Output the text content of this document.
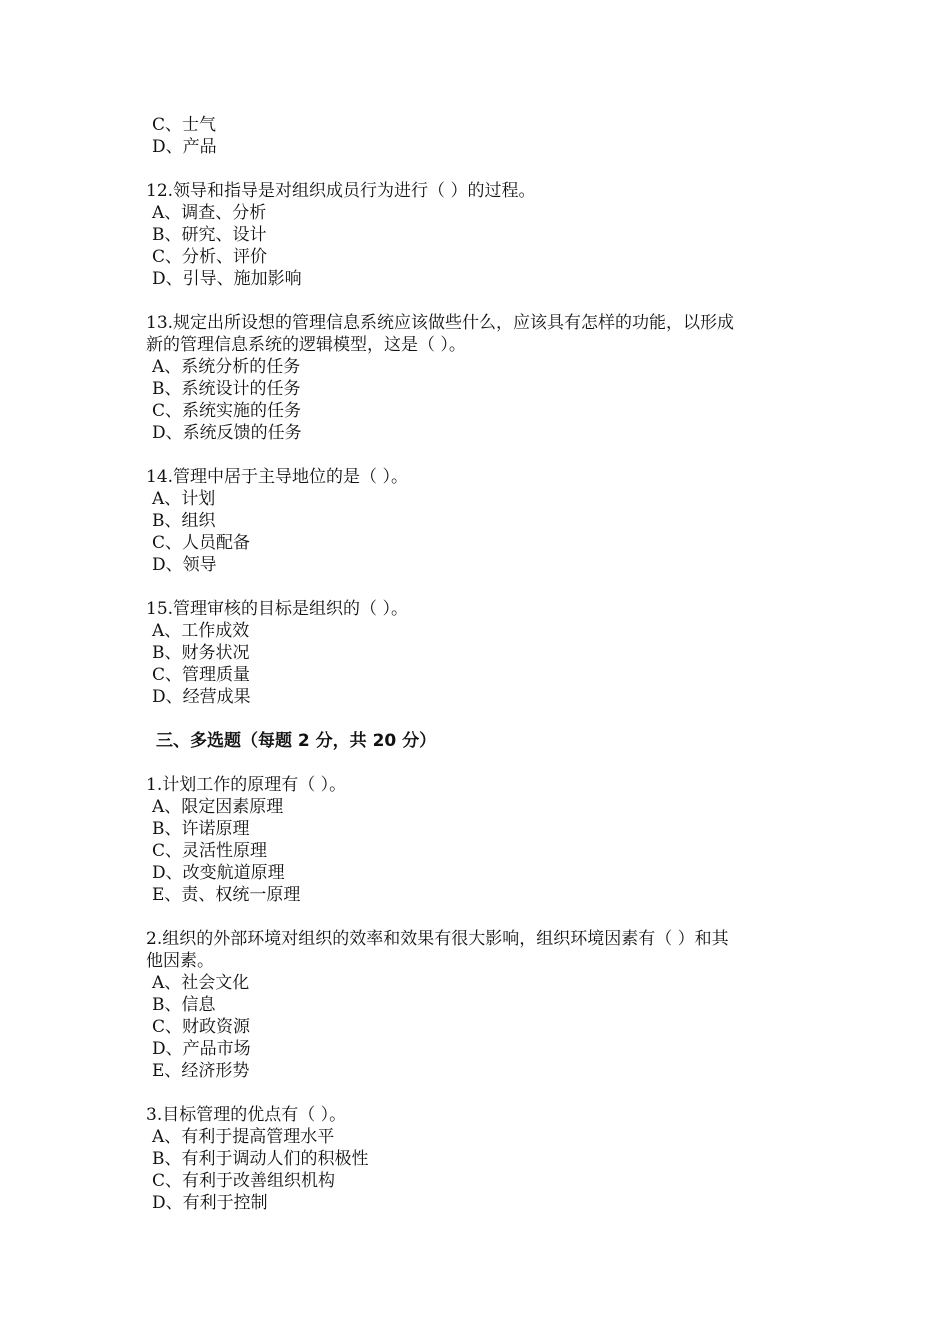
C、士气
D、产品
12.领导和指导是对组织成员行为进行（ ）的过程。
A、调查、分析
B、研究、设计
C、分析、评价
D、引导、施加影响
13.规定出所设想的管理信息系统应该做些什么，应该具有怎样的功能，以形成
新的管理信息系统的逻辑模型，这是（ ）。
A、系统分析的任务
B、系统设计的任务
C、系统实施的任务
D、系统反馈的任务
14.管理中居于主导地位的是（ ）。
A、计划
B、组织
C、人员配备
D、领导
15.管理审核的目标是组织的（ ）。
A、工作成效
B、财务状况
C、管理质量
D、经营成果
三、多选题（每题 2 分，共 20 分）
1.计划工作的原理有（ ）。
A、限定因素原理
B、许诺原理
C、灵活性原理
D、改变航道原理
E、责、权统一原理
2.组织的外部环境对组织的效率和效果有很大影响，组织环境因素有（ ）和其
他因素。
A、社会文化
B、信息
C、财政资源
D、产品市场
E、经济形势
3.目标管理的优点有（ ）。
A、有利于提高管理水平
B、有利于调动人们的积极性
C、有利于改善组织机构
D、有利于控制
